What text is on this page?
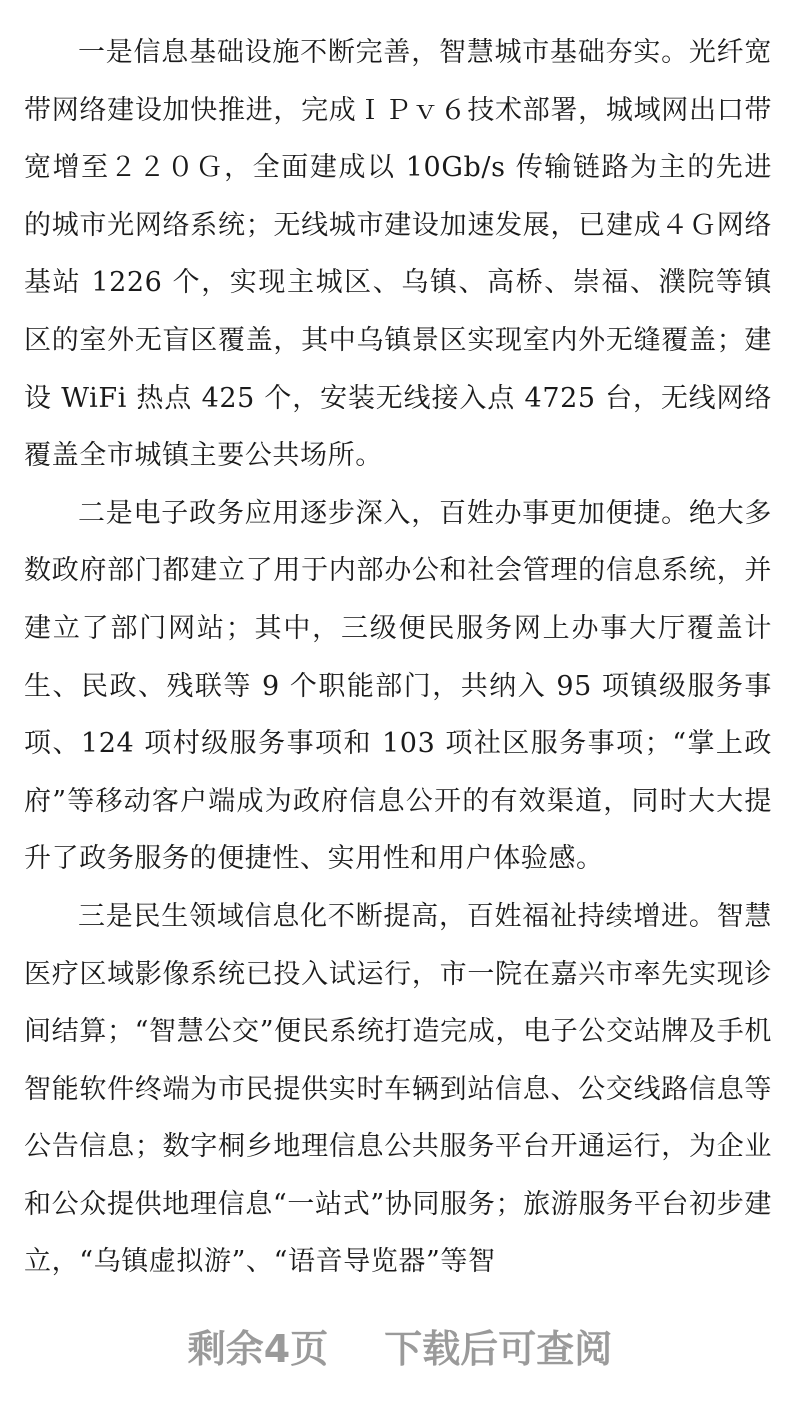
一是信息基础设施不断完善，智慧城市基础夯实。光纤宽带网络建设加快推进，完成ＩＰｖ６技术部署，城域网出口带宽增至２２０Ｇ，全面建成以 10Gb/s 传输链路为主的先进的城市光网络系统；无线城市建设加速发展，已建成４Ｇ网络基站 1226 个，实现主城区、乌镇、高桥、崇福、濮院等镇区的室外无盲区覆盖，其中乌镇景区实现室内外无缝覆盖；建设 WiFi 热点 425 个，安装无线接入点 4725 台，无线网络覆盖全市城镇主要公共场所。

二是电子政务应用逐步深入，百姓办事更加便捷。绝大多数政府部门都建立了用于内部办公和社会管理的信息系统，并建立了部门网站；其中，三级便民服务网上办事大厅覆盖计生、民政、残联等 9 个职能部门，共纳入 95 项镇级服务事项、124 项村级服务事项和 103 项社区服务事项；“掌上政府”等移动客户端成为政府信息公开的有效渠道，同时大大提升了政务服务的便捷性、实用性和用户体验感。

三是民生领域信息化不断提高，百姓福祉持续增进。智慧医疗区域影像系统已投入试运行，市一院在嘉兴市率先实现诊间结算；“智慧公交”便民系统打造完成，电子公交站牌及手机智能软件终端为市民提供实时车辆到站信息、公交线路信息等公告信息；数字桐乡地理信息公共服务平台开通运行，为企业和公众提供地理信息“一站式”协同服务；旅游服务平台初步建立，“乌镇虚拟游”、“语音导览器”等智

剩余4页 下载后可查阅
